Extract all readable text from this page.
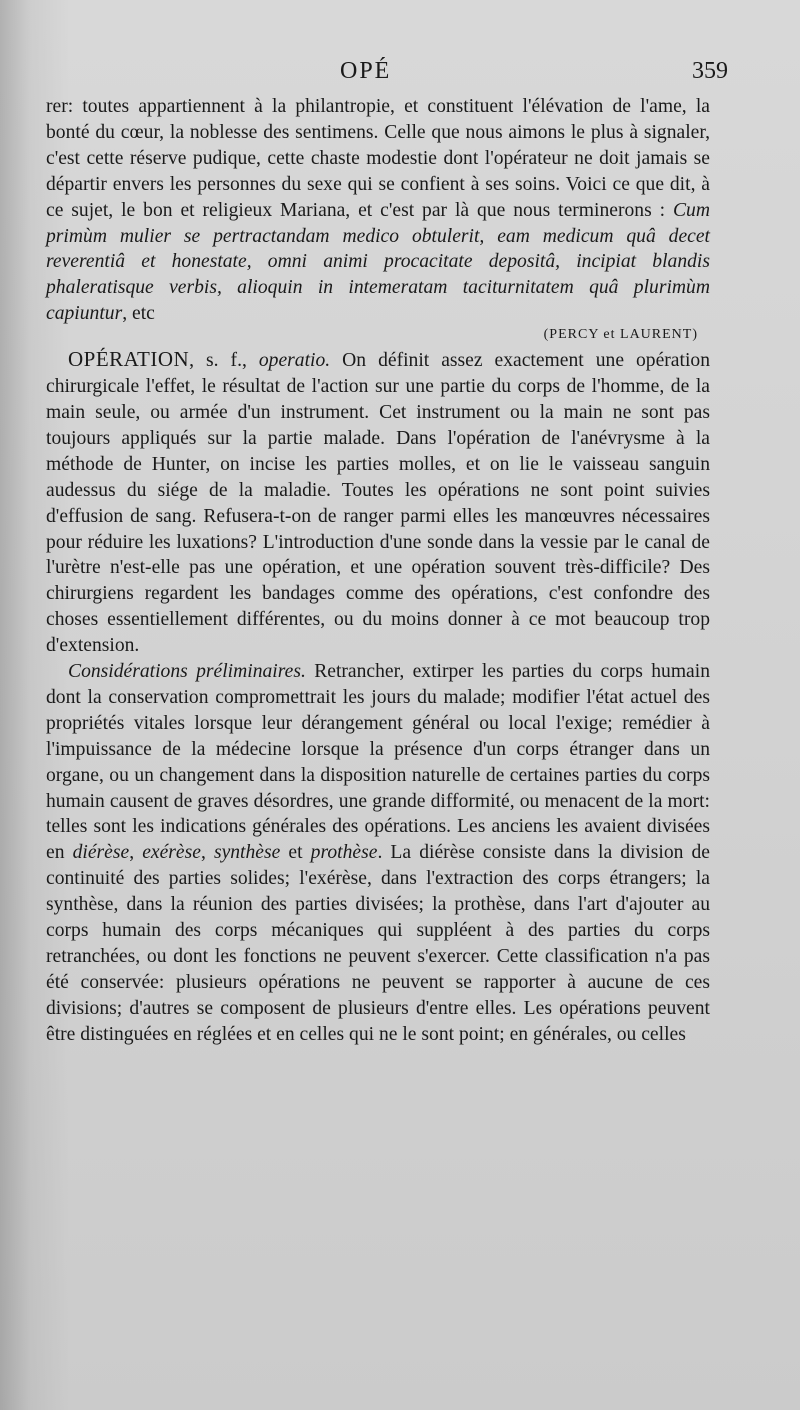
OPÉ	359

rer: toutes appartiennent à la philantropie, et constituent l'élévation de l'ame, la bonté du cœur, la noblesse des sentimens. Celle que nous aimons le plus à signaler, c'est cette réserve pudique, cette chaste modestie dont l'opérateur ne doit jamais se départir envers les personnes du sexe qui se confient à ses soins. Voici ce que dit, à ce sujet, le bon et religieux Mariana, et c'est par là que nous terminerons : Cum primùm mulier se pertractandam medico obtulerit, eam medicum quâ decet reverentiâ et honestate, omni animi procacitate depositâ, incipiat blandis phaleratisque verbis, alioquin in intemeratam taciturnitatem quâ plurimùm capiuntur, etc
(PERCY et LAURENT)

OPÉRATION, s. f., operatio. On définit assez exactement une opération chirurgicale l'effet, le résultat de l'action sur une partie du corps de l'homme, de la main seule, ou armée d'un instrument. Cet instrument ou la main ne sont pas toujours appliqués sur la partie malade. Dans l'opération de l'anévrysme à la méthode de Hunter, on incise les parties molles, et on lie le vaisseau sanguin audessus du siége de la maladie. Toutes les opérations ne sont point suivies d'effusion de sang. Refusera-t-on de ranger parmi elles les manœuvres nécessaires pour réduire les luxations? L'introduction d'une sonde dans la vessie par le canal de l'urètre n'est-elle pas une opération, et une opération souvent très-difficile? Des chirurgiens regardent les bandages comme des opérations, c'est confondre des choses essentiellement différentes, ou du moins donner à ce mot beaucoup trop d'extension.

Considérations préliminaires. Retrancher, extirper les parties du corps humain dont la conservation compromettrait les jours du malade; modifier l'état actuel des propriétés vitales lorsque leur dérangement général ou local l'exige; remédier à l'impuissance de la médecine lorsque la présence d'un corps étranger dans un organe, ou un changement dans la disposition naturelle de certaines parties du corps humain causent de graves désordres, une grande difformité, ou menacent de la mort: telles sont les indications générales des opérations. Les anciens les avaient divisées en diérèse, exérèse, synthèse et prothèse. La diérèse consiste dans la division de continuité des parties solides; l'exérèse, dans l'extraction des corps étrangers; la synthèse, dans la réunion des parties divisées; la prothèse, dans l'art d'ajouter au corps humain des corps mécaniques qui suppléent à des parties du corps retranchées, ou dont les fonctions ne peuvent s'exercer. Cette classification n'a pas été conservée: plusieurs opérations ne peuvent se rapporter à aucune de ces divisions; d'autres se composent de plusieurs d'entre elles. Les opérations peuvent être distinguées en réglées et en celles qui ne le sont point; en générales, ou celles
